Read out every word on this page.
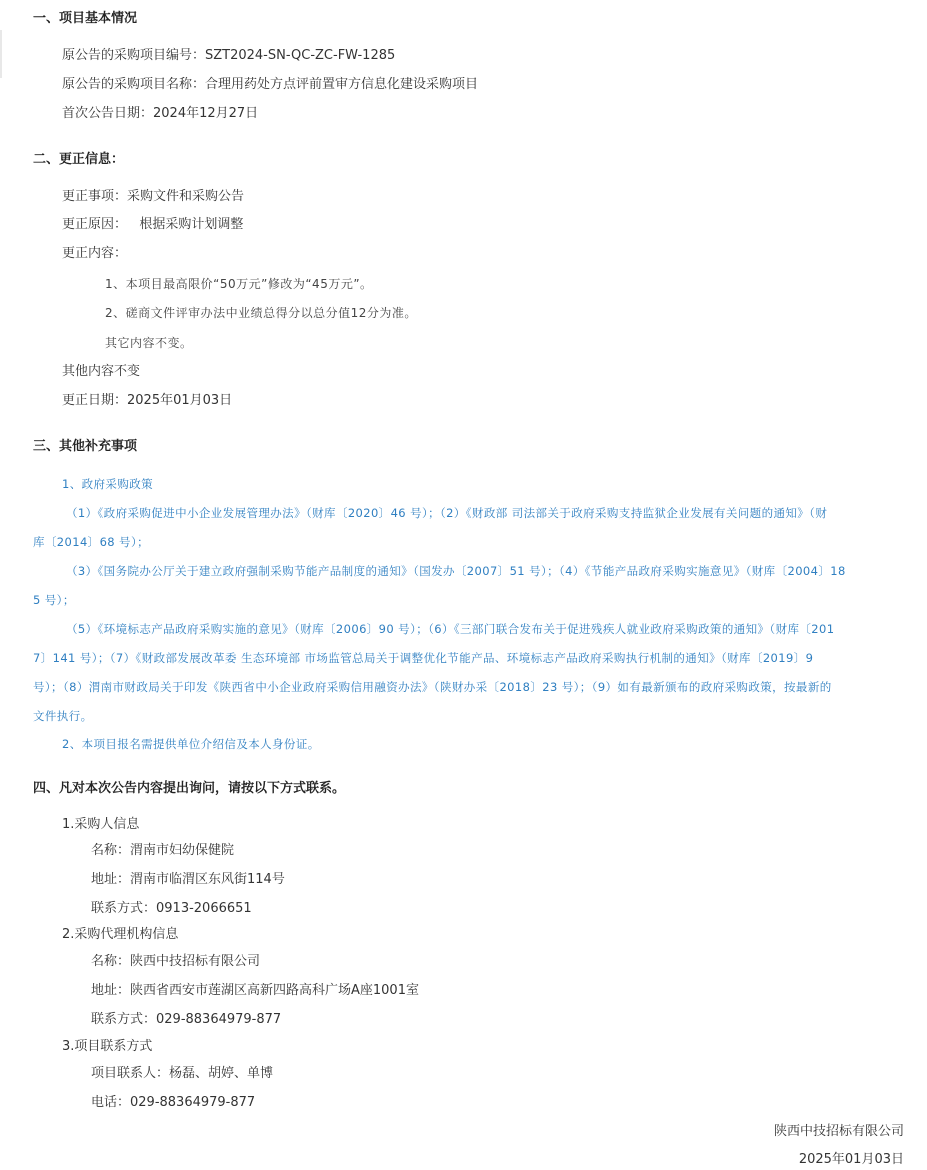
一、项目基本情况
原公告的采购项目编号：SZT2024-SN-QC-ZC-FW-1285
原公告的采购项目名称：合理用药处方点评前置审方信息化建设采购项目
首次公告日期：2024年12月27日
二、更正信息：
更正事项：采购文件和采购公告
更正原因：   根据采购计划调整
更正内容：
1、本项目最高限价“50万元”修改为“45万元”。
2、磋商文件评审办法中业绩总得分以总分值12分为准。
其它内容不变。
其他内容不变
更正日期：2025年01月03日
三、其他补充事项
1、政府采购政策
（1）《政府采购促进中小企业发展管理办法》（财库〔2020〕46 号）；（2）《财政部 司法部关于政府采购支持监狱企业发展有关问题的通知》（财
库〔2014〕68 号）；
（3）《国务院办公厅关于建立政府强制采购节能产品制度的通知》（国发办〔2007〕51 号）；（4）《节能产品政府采购实施意见》（财库〔2004〕18
5 号）；
（5）《环境标志产品政府采购实施的意见》（财库〔2006〕90 号）；（6）《三部门联合发布关于促进残疾人就业政府采购政策的通知》（财库〔201
7〕141 号）；（7）《财政部发展改革委 生态环境部 市场监管总局关于调整优化节能产品、环境标志产品政府采购执行机制的通知》（财库〔2019〕9
号）；（8）渭南市财政局关于印发《陕西省中小企业政府采购信用融资办法》（陕财办采〔2018〕23 号）；（9）如有最新颁布的政府采购政策，按最新的
文件执行。
2、本项目报名需提供单位介绍信及本人身份证。
四、凡对本次公告内容提出询问，请按以下方式联系。
1.采购人信息
名称：渭南市妇幼保健院
地址：渭南市临渭区东风街114号
联系方式：0913-2066651
2.采购代理机构信息
名称：陕西中技招标有限公司
地址：陕西省西安市莲湖区高新四路高科广场A座1001室
联系方式：029-88364979-877
3.项目联系方式
项目联系人：杨磊、胡婷、单博
电话：029-88364979-877
陕西中技招标有限公司
2025年01月03日
